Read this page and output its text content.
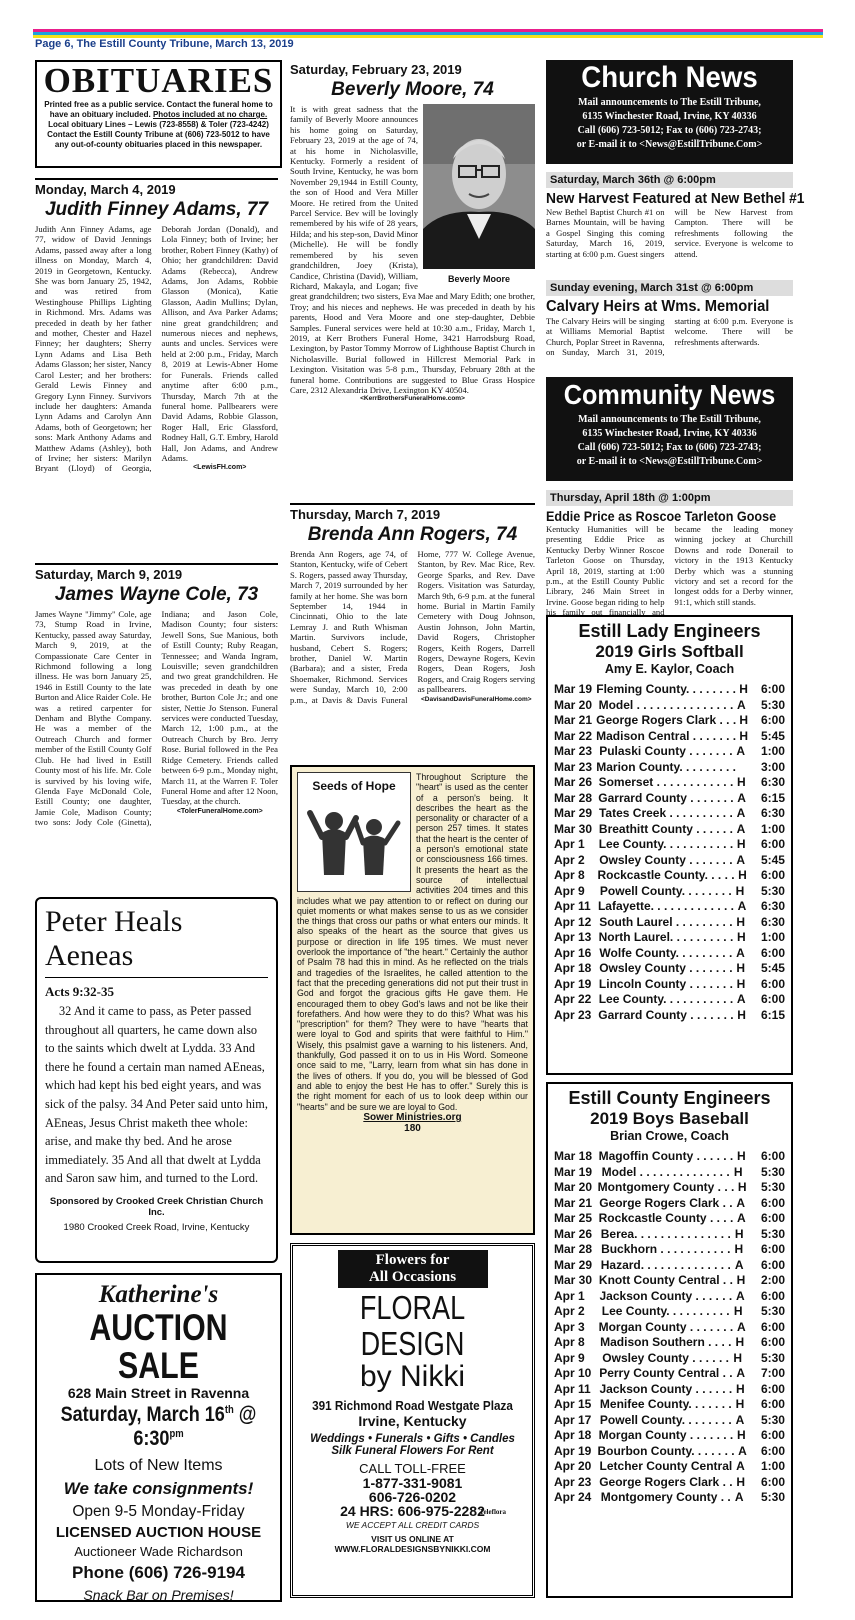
Page 6, The Estill County Tribune, March 13, 2019
OBITUARIES
Printed free as a public service. Contact the funeral home to have an obituary included. Photos included at no charge.
Local obituary Lines – Lewis (723-8558) & Toler (723-4242)
Contact the Estill County Tribune at (606) 723-5012 to have any out-of-county obituaries placed in this newspaper.
Monday, March 4, 2019
Judith Finney Adams, 77
Judith Ann Finney Adams, age 77, widow of David Jennings Adams, passed away after a long illness on Monday, March 4, 2019 in Georgetown, Kentucky. She was born January 25, 1942, and was retired from Westinghouse Phillips Lighting in Richmond. Mrs. Adams was preceded in death by her father and mother, Chester and Hazel Finney; her daughters; Sherry Lynn Adams and Lisa Beth Adams Glasson; her sister, Nancy Carol Lester; and her brothers: Gerald Lewis Finney and Gregory Lynn Finney. Survivors include her daughters: Amanda Lynn Adams and Carolyn Ann Adams, both of Georgetown; her sons: Mark Anthony Adams and Matthew Adams (Ashley), both of Irvine; her sisters: Marilyn Bryant (Lloyd) of Georgia, Deborah Jordan (Donald), and Lola Finney; both of Irvine; her brother, Robert Finney (Kathy) of Ohio; her grandchildren: David Adams (Rebecca), Andrew Adams, Jon Adams, Robbie Glasson (Monica), Katie Glasson, Aadin Mullins; Dylan, Allison, and Ava Parker Adams; nine great grandchildren; and numerous nieces and nephews, aunts and uncles. Services were held at 2:00 p.m., Friday, March 8, 2019 at Lewis-Abner Home for Funerals. Friends called anytime after 6:00 p.m., Thursday, March 7th at the funeral home. Pallbearers were David Adams, Robbie Glasson, Roger Hall, Eric Glassford, Rodney Hall, G.T. Embry, Harold Hall, Jon Adams, and Andrew Adams.
<LewisFH.com>
Saturday, March 9, 2019
James Wayne Cole, 73
James Wayne "Jimmy" Cole, age 73, Stump Road in Irvine, Kentucky, passed away Saturday, March 9, 2019, at the Compassionate Care Center in Richmond following a long illness. He was born January 25, 1946 in Estill County to the late Burton and Alice Raider Cole. He was a retired carpenter for Denham and Blythe Company. He was a member of the Outreach Church and former member of the Estill County Golf Club. He had lived in Estill County most of his life. Mr. Cole is survived by his loving wife, Glenda Faye McDonald Cole, Estill County; one daughter, Jamie Cole, Madison County; two sons: Jody Cole (Ginetta), Indiana; and Jason Cole, Madison County; four sisters: Jewell Sons, Sue Manious, both of Estill County; Ruby Reagan, Tennessee; and Wanda Ingram, Louisville; seven grandchildren and two great grandchildren. He was preceded in death by one brother, Burton Cole Jr.; and one sister, Nettie Jo Stenson. Funeral services were conducted Tuesday, March 12, 1:00 p.m., at the Outreach Church by Bro. Jerry Rose. Burial followed in the Pea Ridge Cemetery. Friends called between 6-9 p.m., Monday night, March 11, at the Warren F. Toler Funeral Home and after 12 Noon, Tuesday, at the church.
<TolerFuneralHome.com>
Peter Heals Aeneas
Acts 9:32-35
32 And it came to pass, as Peter passed throughout all quarters, he came down also to the saints which dwelt at Lydda. 33 And there he found a certain man named AEneas, which had kept his bed eight years, and was sick of the palsy. 34 And Peter said unto him, AEneas, Jesus Christ maketh thee whole: arise, and make thy bed. And he arose immediately. 35 And all that dwelt at Lydda and Saron saw him, and turned to the Lord.
Sponsored by Crooked Creek Christian Church Inc.
1980 Crooked Creek Road, Irvine, Kentucky
Katherine's
AUCTION SALE
628 Main Street in Ravenna
Saturday, March 16th @ $6:30^{pm}$
Lots of New Items
We take consignments!
Open 9-5 Monday-Friday
LICENSED AUCTION HOUSE
Auctioneer Wade Richardson
Phone (606) 726-9194
Snack Bar on Premises!
Saturday, February 23, 2019
Beverly Moore, 74
Beverly Moore
It is with great sadness that the family of Beverly Moore announces his home going on Saturday, February 23, 2019 at the age of 74, at his home in Nicholasville, Kentucky. Formerly a resident of South Irvine, Kentucky, he was born November 29,1944 in Estill County, the son of Hood and Vera Miller Moore. He retired from the United Parcel Service. Bev will be lovingly remembered by his wife of 28 years, Hilda; and his step-son, David Minor (Michelle). He will be fondly remembered by his seven grandchildren, Joey (Krista), Candice, Christina (David), William, Richard, Makayla, and Logan; five great grandchildren; two sisters, Eva Mae and Mary Edith; one brother, Troy; and his nieces and nephews. He was preceded in death by his parents, Hood and Vera Moore and one step-daughter, Debbie Samples. Funeral services were held at 10:30 a.m., Friday, March 1, 2019, at Kerr Brothers Funeral Home, 3421 Harrodsburg Road, Lexington, by Pastor Tommy Morrow of Lighthouse Baptist Church in Nicholasville. Burial followed in Hillcrest Memorial Park in Lexington. Visitation was 5-8 p.m., Thursday, February 28th at the funeral home. Contributions are suggested to Blue Grass Hospice Care, 2312 Alexandria Drive, Lexington KY 40504.
<KerrBrothersFuneralHome.com>
Thursday, March 7, 2019
Brenda Ann Rogers, 74
Brenda Ann Rogers, age 74, of Stanton, Kentucky, wife of Cebert S. Rogers, passed away Thursday, March 7, 2019 surrounded by her family at her home. She was born September 14, 1944 in Cincinnati, Ohio to the late Lemray J. and Ruth Whisman Martin. Survivors include, husband, Cebert S. Rogers; brother, Daniel W. Martin (Barbara); and a sister, Freda Shoemaker, Richmond. Services were Sunday, March 10, 2:00 p.m., at Davis & Davis Funeral Home, 777 W. College Avenue, Stanton, by Rev. Mac Rice, Rev. George Sparks, and Rev. Dave Rogers. Visitation was Saturday, March 9th, 6-9 p.m. at the funeral home. Burial in Martin Family Cemetery with Doug Johnson, Austin Johnson, John Martin, David Rogers, Christopher Rogers, Keith Rogers, Darrell Rogers, Dewayne Rogers, Kevin Rogers, Dean Rogers, Josh Rogers, and Craig Rogers serving as pallbearers.
<DavisandDavisFuneralHome.com>
Seeds of Hope
Throughout Scripture the "heart" is used as the center of a person's being. It describes the heart as the personality or character of a person 257 times. It states that the heart is the center of a person's emotional state or consciousness 166 times. It presents the heart as the source of intellectual activities 204 times and this includes what we pay attention to or reflect on during our quiet moments or what makes sense to us as we consider the things that cross our paths or what enters our minds. It also speaks of the heart as the source that gives us purpose or direction in life 195 times. We must never overlook the importance of "the heart." Certainly the author of Psalm 78 had this in mind. As he reflected on the trials and tragedies of the Israelites, he called attention to the fact that the preceding generations did not put their trust in God and forgot the gracious gifts He gave them. He encouraged them to obey God's laws and not be like their forefathers. And how were they to do this? What was his "prescription" for them? They were to have "hearts that were loyal to God and spirits that were faithful to Him." Wisely, this psalmist gave a warning to his listeners. And, thankfully, God passed it on to us in His Word. Someone once said to me, "Larry, learn from what sin has done in the lives of others. If you do, you will be blessed of God and able to enjoy the best He has to offer." Surely this is the right moment for each of us to look deep within our "hearts" and be sure we are loyal to God.
Sower Ministries.org
180
Flowers for
All Occasions
FLORAL DESIGN
by Nikki
391 Richmond Road Westgate Plaza
Irvine, Kentucky
Weddings • Funerals • Gifts • Candles
Silk Funeral Flowers For Rent
CALL TOLL-FREE
1-877-331-9081
606-726-0202
24 HRS: 606-975-2282
WE ACCEPT ALL CREDIT CARDS
VISIT US ONLINE AT
WWW.FLORALDESIGNSBYNIKKI.COM
Teleflora
Church News
Mail announcements to The Estill Tribune,
6135 Winchester Road, Irvine, KY 40336
Call (606) 723-5012; Fax to (606) 723-2743;
or E-mail it to <News@EstillTribune.Com>
Saturday, March 36th @ 6:00pm
New Harvest Featured at New Bethel #1
New Bethel Baptist Church #1 on Barnes Mountain, will be having a Gospel Singing this coming Saturday, March 16, 2019, starting at 6:00 p.m. Guest singers will be New Harvest from Campton. There will be refreshments following the service. Everyone is welcome to attend.
Sunday evening, March 31st @ 6:00pm
Calvary Heirs at Wms. Memorial
The Calvary Heirs will be singing at Williams Memorial Baptist Church, Poplar Street in Ravenna, on Sunday, March 31, 2019, starting at 6:00 p.m. Everyone is welcome. There will be refreshments afterwards.
Community News
Mail announcements to The Estill Tribune,
6135 Winchester Road, Irvine, KY 40336
Call (606) 723-5012; Fax to (606) 723-2743;
or E-mail it to <News@EstillTribune.Com>
Thursday, April 18th @ 1:00pm
Eddie Price as Roscoe Tarleton Goose
Kentucky Humanities will be presenting Eddie Price as Kentucky Derby Winner Roscoe Tarleton Goose on Thursday, April 18, 2019, starting at 1:00 p.m., at the Estill County Public Library, 246 Main Street in Irvine. Goose began riding to help his family out financially and became the leading money winning jockey at Churchill Downs and rode Donerail to victory in the 1913 Kentucky Derby which was a stunning victory and set a record for the longest odds for a Derby winner, 91:1, which still stands.
Estill Lady Engineers
2019 Girls Softball
Amy E. Kaylor, Coach
Mar 19 Fleming County. . . . . . . . H	6:00
Mar 20 Model . . . . . . . . . . . . . . . A	5:30
Mar 21 George Rogers Clark . . . H	6:00
Mar 22 Madison Central . . . . . . . H	5:45
Mar 23 Pulaski County . . . . . . . A	1:00
Mar 23 Marion County. . . . . . . . .	3:00
Mar 26 Somerset . . . . . . . . . . . . H	6:30
Mar 28 Garrard County . . . . . . . A	6:15
Mar 29 Tates Creek . . . . . . . . . . A	6:30
Mar 30 Breathitt County . . . . . . A	1:00
Apr 1	Lee County. . . . . . . . . . . H	6:00
Apr 2	Owsley County . . . . . . . A	5:45
Apr 8	Rockcastle County. . . . . H	6:00
Apr 9	Powell County. . . . . . . . H	5:30
Apr 11 Lafayette. . . . . . . . . . . . . A	6:30
Apr 12 South Laurel . . . . . . . . . H	6:30
Apr 13 North Laurel. . . . . . . . . . H	1:00
Apr 16 Wolfe County. . . . . . . . . A	6:00
Apr 18 Owsley County . . . . . . . H	5:45
Apr 19 Lincoln County . . . . . . . H	6:00
Apr 22 Lee County. . . . . . . . . . . A	6:00
Apr 23 Garrard County . . . . . . . H	6:15
Estill County Engineers
2019 Boys Baseball
Brian Crowe, Coach
Mar 18 Magoffin County . . . . . . H	6:00
Mar 19 Model . . . . . . . . . . . . . . H	5:30
Mar 20 Montgomery County . . . H	5:30
Mar 21 George Rogers Clark . . A	6:00
Mar 25 Rockcastle County . . . . A	6:00
Mar 26 Berea. . . . . . . . . . . . . . . H	5:30
Mar 28 Buckhorn . . . . . . . . . . . H	6:00
Mar 29 Hazard. . . . . . . . . . . . . . A	6:00
Mar 30 Knott County Central . . H	2:00
Apr 1	Jackson County . . . . . . A	6:00
Apr 2	Lee County. . . . . . . . . . H	5:30
Apr 3	Morgan County . . . . . . . A	6:00
Apr 8	Madison Southern . . . . H	6:00
Apr 9	Owsley County . . . . . . H	5:30
Apr 10 Perry County Central . . A	7:00
Apr 11 Jackson County . . . . . . H	6:00
Apr 15 Menifee County. . . . . . . H	6:00
Apr 17 Powell County. . . . . . . . A	5:30
Apr 18 Morgan County . . . . . . . H	6:00
Apr 19 Bourbon County. . . . . . . A	6:00
Apr 20 Letcher County Central A	1:00
Apr 23 George Rogers Clark . . H	6:00
Apr 24 Montgomery County . . A	5:30
